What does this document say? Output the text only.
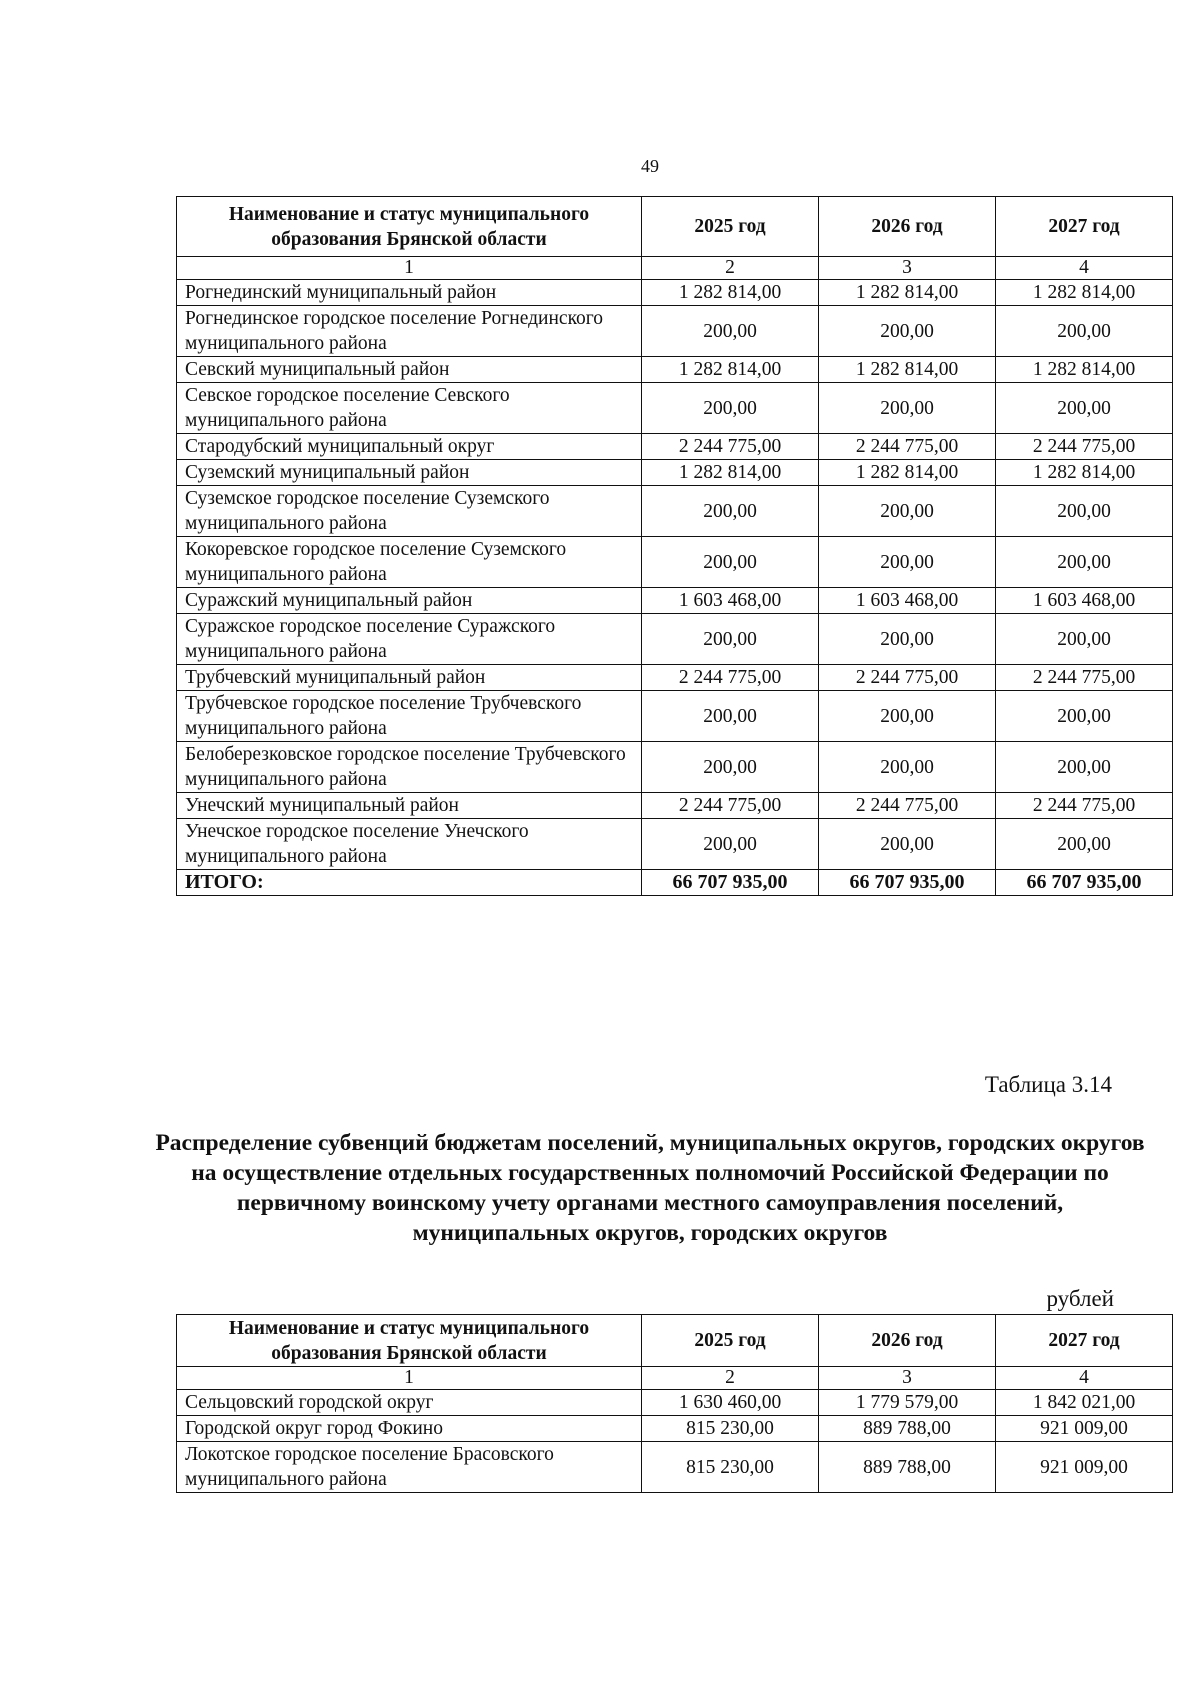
49
Наименование и статус муниципального образования Брянской области	2025 год	2026 год	2027 год
1	2	3	4
Рогнединский муниципальный район	1 282 814,00	1 282 814,00	1 282 814,00
Рогнединское городское поселение Рогнединского муниципального района	200,00	200,00	200,00
Севский муниципальный район	1 282 814,00	1 282 814,00	1 282 814,00
Севское городское поселение Севского муниципального района	200,00	200,00	200,00
Стародубский муниципальный округ	2 244 775,00	2 244 775,00	2 244 775,00
Суземский муниципальный район	1 282 814,00	1 282 814,00	1 282 814,00
Суземское городское поселение Суземского муниципального района	200,00	200,00	200,00
Кокоревское городское поселение Суземского муниципального района	200,00	200,00	200,00
Суражский муниципальный район	1 603 468,00	1 603 468,00	1 603 468,00
Суражское городское поселение Суражского муниципального района	200,00	200,00	200,00
Трубчевский муниципальный район	2 244 775,00	2 244 775,00	2 244 775,00
Трубчевское городское поселение Трубчевского муниципального района	200,00	200,00	200,00
Белоберезковское городское поселение Трубчевского муниципального района	200,00	200,00	200,00
Унечский муниципальный район	2 244 775,00	2 244 775,00	2 244 775,00
Унечское городское поселение Унечского муниципального района	200,00	200,00	200,00
ИТОГО:	66 707 935,00	66 707 935,00	66 707 935,00
Таблица 3.14
Распределение субвенций бюджетам поселений, муниципальных округов, городских округов на осуществление отдельных государственных полномочий Российской Федерации по первичному воинскому учету органами местного самоуправления поселений, муниципальных округов, городских округов
рублей
Наименование и статус муниципального образования Брянской области	2025 год	2026 год	2027 год
1	2	3	4
Сельцовский городской округ	1 630 460,00	1 779 579,00	1 842 021,00
Городской округ город Фокино	815 230,00	889 788,00	921 009,00
Локотское городское поселение Брасовского муниципального района	815 230,00	889 788,00	921 009,00
